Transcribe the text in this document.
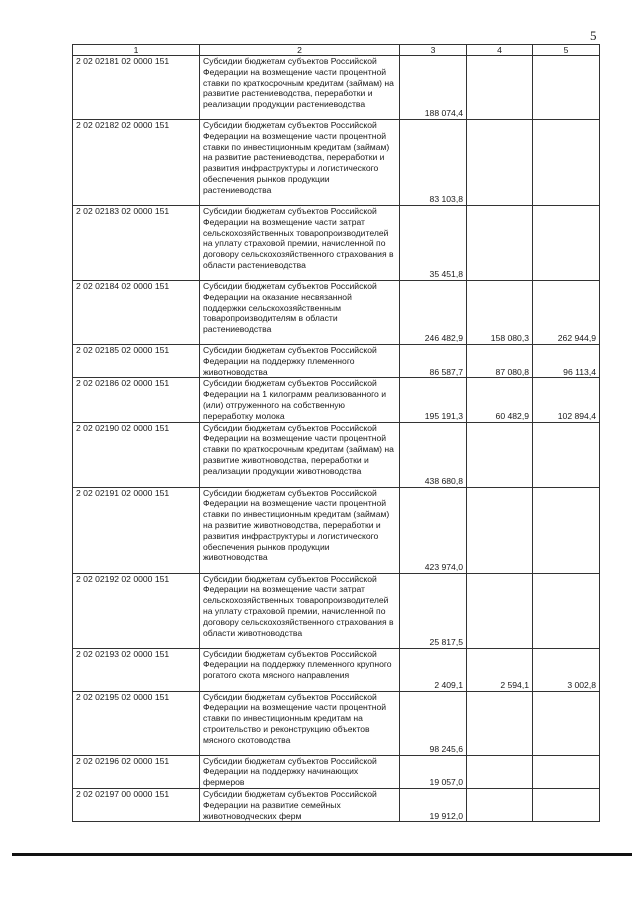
5
1	2	3	4	5
2 02 02181 02 0000 151	Субсидии бюджетам субъектов Российской Федерации на возмещение части процентной ставки по краткосрочным кредитам (займам) на развитие растениеводства, переработки и реализации продукции растениеводства	188 074,4		
2 02 02182 02 0000 151	Субсидии бюджетам субъектов Российской Федерации на возмещение части процентной ставки по инвестиционным кредитам (займам) на развитие растениеводства, переработки и развития инфраструктуры и логистического обеспечения рынков продукции растениеводства	83 103,8		
2 02 02183 02 0000 151	Субсидии бюджетам субъектов Российской Федерации на возмещение части затрат сельскохозяйственных товаропроизводителей на уплату страховой премии, начисленной по договору сельскохозяйственного страхования в области растениеводства	35 451,8		
2 02 02184 02 0000 151	Субсидии бюджетам субъектов Российской Федерации на оказание несвязанной поддержки сельскохозяйственным товаропроизводителям в области растениеводства	246 482,9	158 080,3	262 944,9
2 02 02185 02 0000 151	Субсидии бюджетам субъектов Российской Федерации на поддержку племенного животноводства	86 587,7	87 080,8	96 113,4
2 02 02186 02 0000 151	Субсидии бюджетам субъектов Российской Федерации на 1 килограмм реализованного и (или) отгруженного на собственную переработку молока	195 191,3	60 482,9	102 894,4
2 02 02190 02 0000 151	Субсидии бюджетам субъектов Российской Федерации на возмещение части процентной ставки по краткосрочным кредитам (займам) на развитие животноводства, переработки и реализации продукции животноводства	438 680,8		
2 02 02191 02 0000 151	Субсидии бюджетам субъектов Российской Федерации на возмещение части процентной ставки по инвестиционным кредитам (займам) на развитие животноводства, переработки и развития инфраструктуры и логистического обеспечения рынков продукции животноводства	423 974,0		
2 02 02192 02 0000 151	Субсидии бюджетам субъектов Российской Федерации на возмещение части затрат сельскохозяйственных товаропроизводителей на уплату страховой премии, начисленной по договору сельскохозяйственного страхования в области животноводства	25 817,5		
2 02 02193 02 0000 151	Субсидии бюджетам субъектов Российской Федерации на поддержку племенного крупного рогатого скота мясного направления	2 409,1	2 594,1	3 002,8
2 02 02195 02 0000 151	Субсидии бюджетам субъектов Российской Федерации на возмещение части процентной ставки по инвестиционным кредитам на строительство и реконструкцию объектов мясного скотоводства	98 245,6		
2 02 02196 02 0000 151	Субсидии бюджетам субъектов Российской Федерации на поддержку начинающих фермеров	19 057,0		
2 02 02197 00 0000 151	Субсидии бюджетам субъектов Российской Федерации на развитие семейных животноводческих ферм	19 912,0		
